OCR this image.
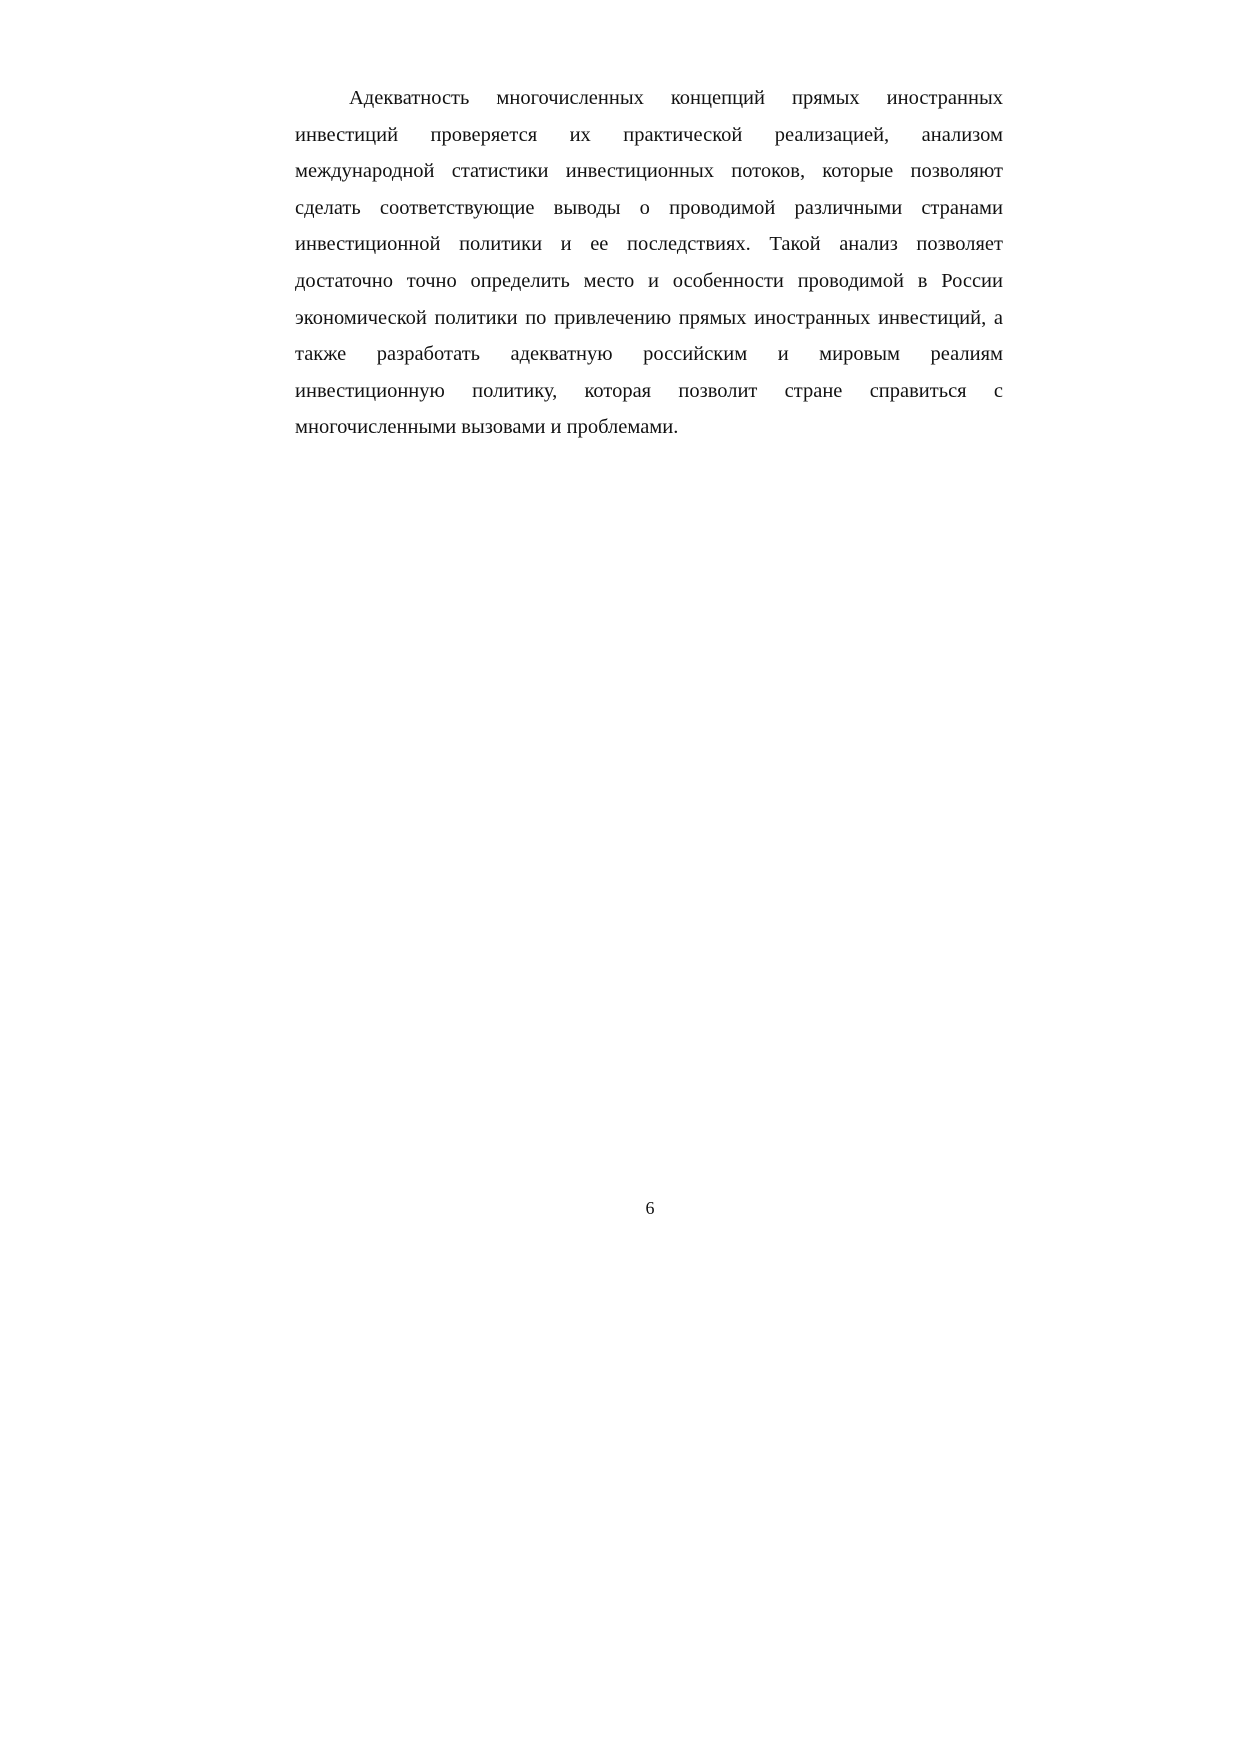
Адекватность многочисленных концепций прямых иностранных инвестиций проверяется их практической реализацией, анализом международной статистики инвестиционных потоков, которые позволяют сделать соответствующие выводы о проводимой различными странами инвестиционной политики и ее последствиях. Такой анализ позволяет достаточно точно определить место и особенности проводимой в России экономической политики по привлечению прямых иностранных инвестиций, а также разработать адекватную российским и мировым реалиям инвестиционную политику, которая позволит стране справиться с многочисленными вызовами и проблемами.

6
